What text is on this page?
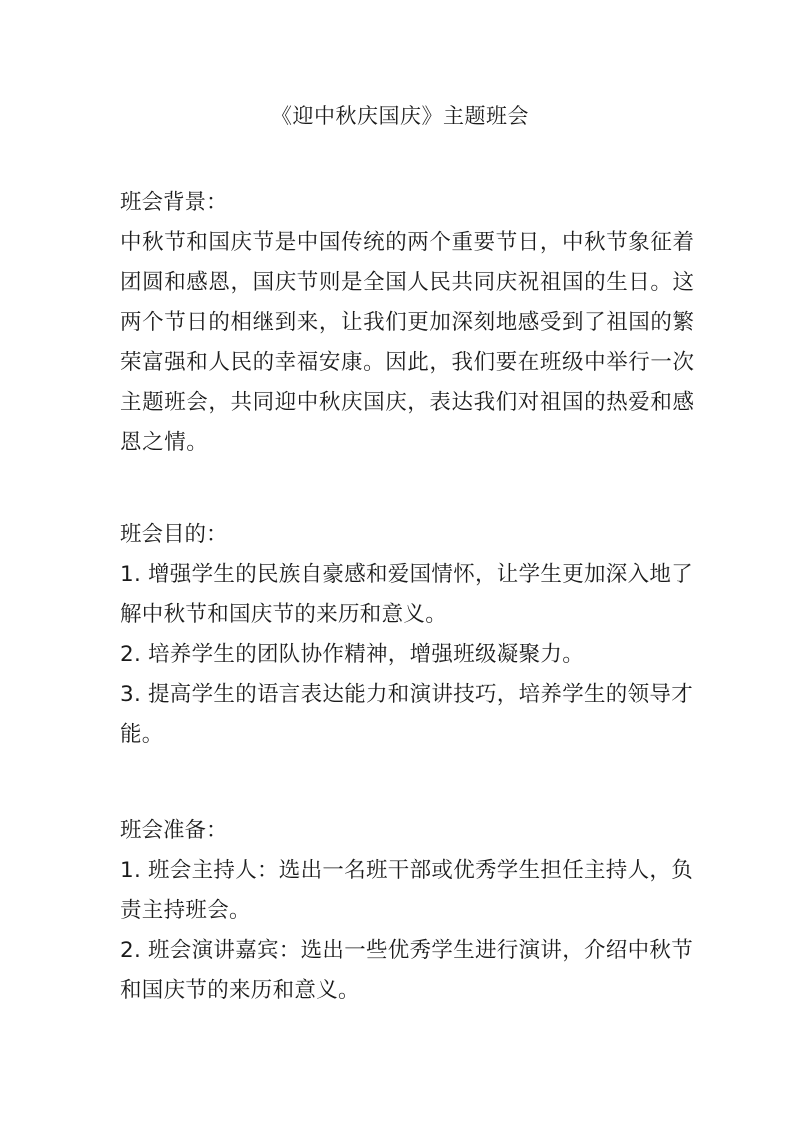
《迎中秋庆国庆》主题班会
班会背景：
中秋节和国庆节是中国传统的两个重要节日，中秋节象征着
团圆和感恩，国庆节则是全国人民共同庆祝祖国的生日。这
两个节日的相继到来，让我们更加深刻地感受到了祖国的繁
荣富强和人民的幸福安康。因此，我们要在班级中举行一次
主题班会，共同迎中秋庆国庆，表达我们对祖国的热爱和感
恩之情。
班会目的：
1. 增强学生的民族自豪感和爱国情怀，让学生更加深入地了
解中秋节和国庆节的来历和意义。
2. 培养学生的团队协作精神，增强班级凝聚力。
3. 提高学生的语言表达能力和演讲技巧，培养学生的领导才
能。
班会准备：
1. 班会主持人：选出一名班干部或优秀学生担任主持人，负
责主持班会。
2. 班会演讲嘉宾：选出一些优秀学生进行演讲，介绍中秋节
和国庆节的来历和意义。
